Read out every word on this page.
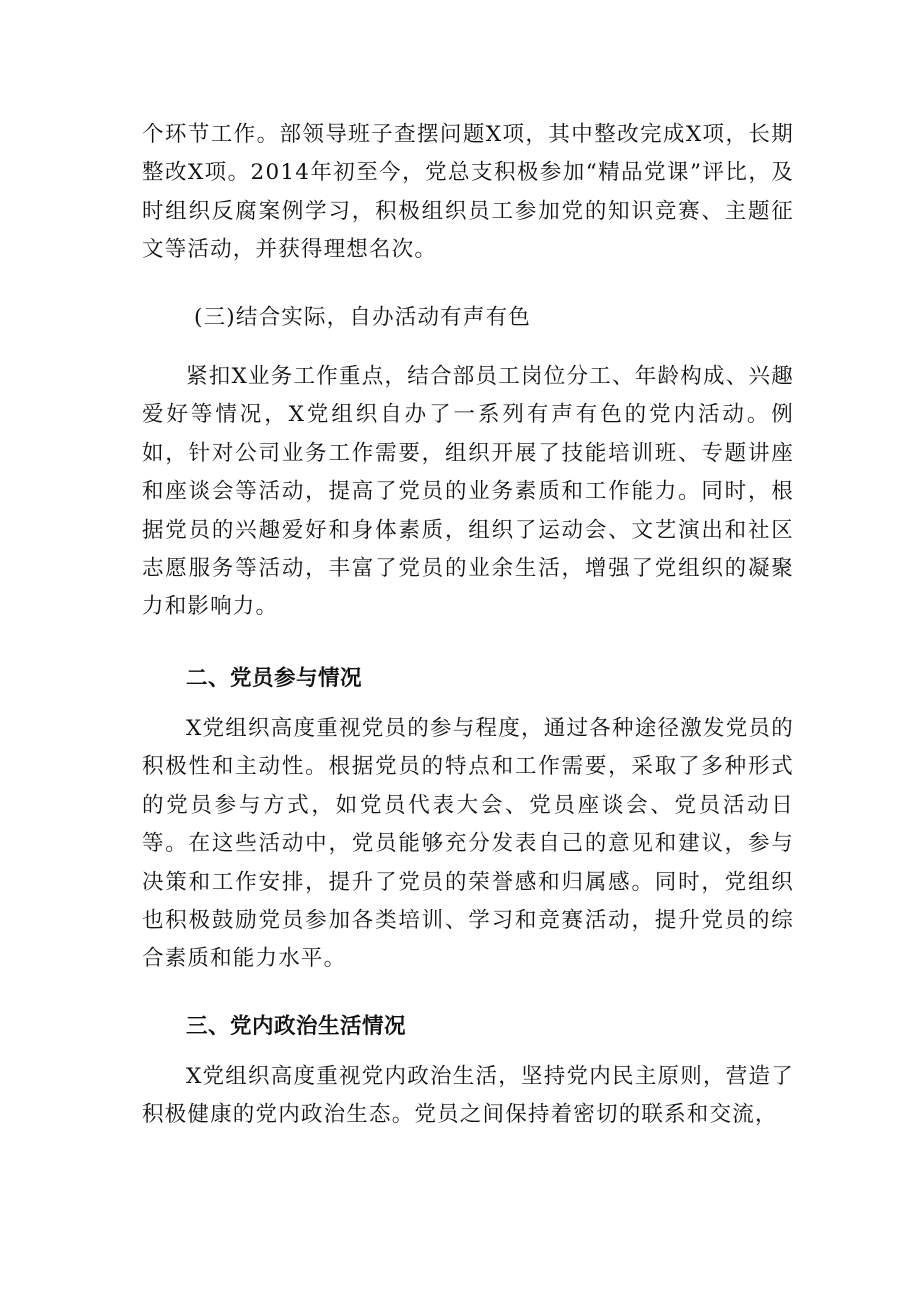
个环节工作。部领导班子查摆问题X项，其中整改完成X项，长期整改X项。2014年初至今，党总支积极参加“精品党课”评比，及时组织反腐案例学习，积极组织员工参加党的知识竞赛、主题征文等活动，并获得理想名次。

(三)结合实际，自办活动有声有色

紧扣X业务工作重点，结合部员工岗位分工、年龄构成、兴趣爱好等情况，X党组织自办了一系列有声有色的党内活动。例如，针对公司业务工作需要，组织开展了技能培训班、专题讲座和座谈会等活动，提高了党员的业务素质和工作能力。同时，根据党员的兴趣爱好和身体素质，组织了运动会、文艺演出和社区志愿服务等活动，丰富了党员的业余生活，增强了党组织的凝聚力和影响力。

二、党员参与情况

X党组织高度重视党员的参与程度，通过各种途径激发党员的积极性和主动性。根据党员的特点和工作需要，采取了多种形式的党员参与方式，如党员代表大会、党员座谈会、党员活动日等。在这些活动中，党员能够充分发表自己的意见和建议，参与决策和工作安排，提升了党员的荣誉感和归属感。同时，党组织也积极鼓励党员参加各类培训、学习和竞赛活动，提升党员的综合素质和能力水平。

三、党内政治生活情况

X党组织高度重视党内政治生活，坚持党内民主原则，营造了积极健康的党内政治生态。党员之间保持着密切的联系和交流，
